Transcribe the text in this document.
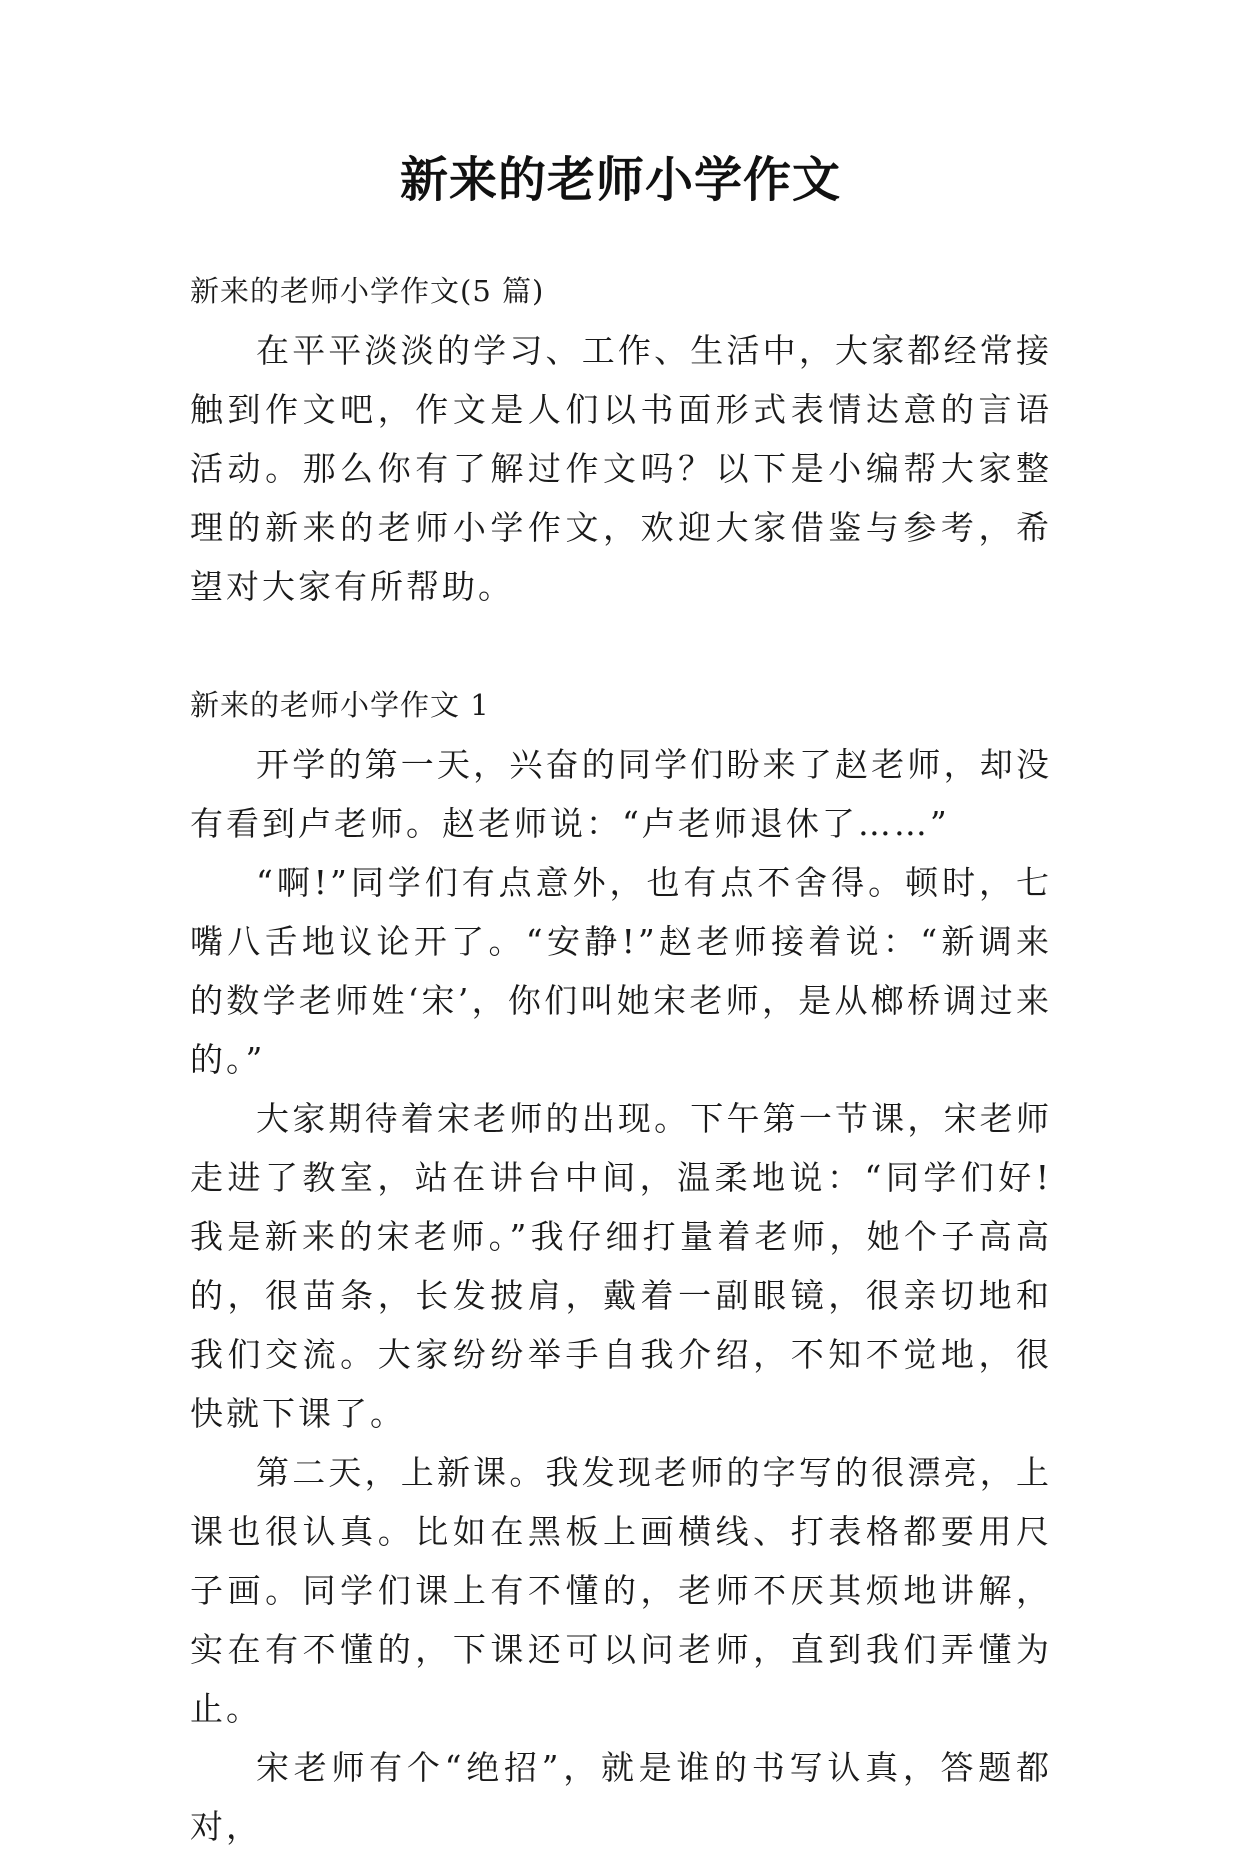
新来的老师小学作文

新来的老师小学作文(5 篇)

在平平淡淡的学习、工作、生活中，大家都经常接触到作文吧，作文是人们以书面形式表情达意的言语活动。那么你有了解过作文吗？以下是小编帮大家整理的新来的老师小学作文，欢迎大家借鉴与参考，希望对大家有所帮助。

新来的老师小学作文 1

开学的第一天，兴奋的同学们盼来了赵老师，却没有看到卢老师。赵老师说：“卢老师退休了……”

“啊!”同学们有点意外，也有点不舍得。顿时，七嘴八舌地议论开了。“安静!”赵老师接着说：“新调来的数学老师姓‘宋’，你们叫她宋老师，是从榔桥调过来的。”

大家期待着宋老师的出现。下午第一节课，宋老师走进了教室，站在讲台中间，温柔地说：“同学们好!我是新来的宋老师。”我仔细打量着老师，她个子高高的，很苗条，长发披肩，戴着一副眼镜，很亲切地和我们交流。大家纷纷举手自我介绍，不知不觉地，很快就下课了。

第二天，上新课。我发现老师的字写的很漂亮，上课也很认真。比如在黑板上画横线、打表格都要用尺子画。同学们课上有不懂的，老师不厌其烦地讲解，实在有不懂的，下课还可以问老师，直到我们弄懂为止。

宋老师有个“绝招”，就是谁的书写认真，答题都对，
